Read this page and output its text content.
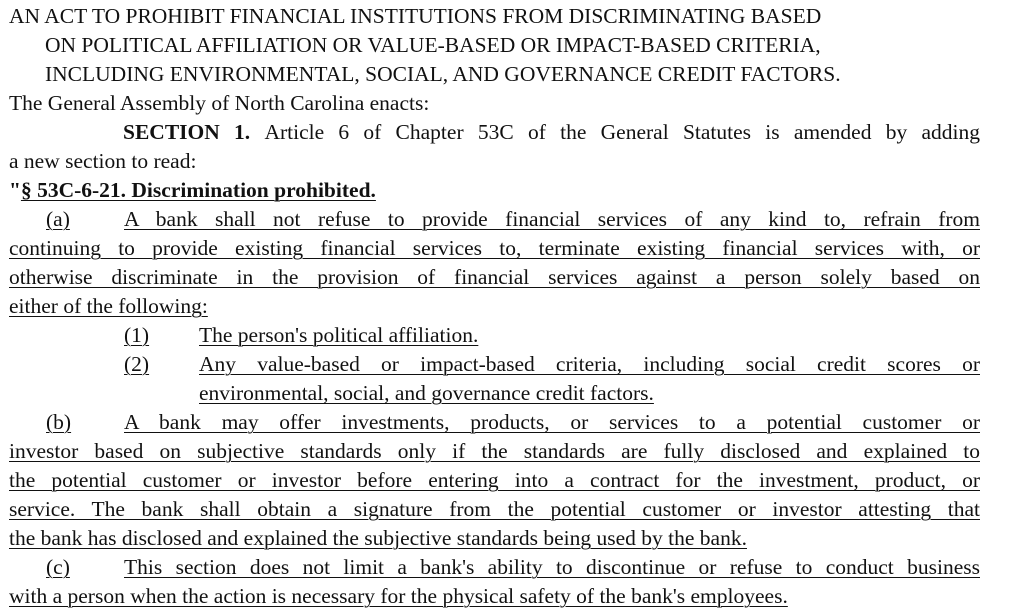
AN ACT TO PROHIBIT FINANCIAL INSTITUTIONS FROM DISCRIMINATING BASED
ON POLITICAL AFFILIATION OR VALUE-BASED OR IMPACT-BASED CRITERIA,
INCLUDING ENVIRONMENTAL, SOCIAL, AND GOVERNANCE CREDIT FACTORS.
The General Assembly of North Carolina enacts:
SECTION 1. Article 6 of Chapter 53C of the General Statutes is amended by adding
a new section to read:
"§ 53C-6-21. Discrimination prohibited.
(a)	A bank shall not refuse to provide financial services of any kind to, refrain from
continuing to provide existing financial services to, terminate existing financial services with, or
otherwise discriminate in the provision of financial services against a person solely based on
either of the following:
(1) The person's political affiliation.
(2) Any value-based or impact-based criteria, including social credit scores or
environmental, social, and governance credit factors.
(b) A bank may offer investments, products, or services to a potential customer or
investor based on subjective standards only if the standards are fully disclosed and explained to
the potential customer or investor before entering into a contract for the investment, product, or
service. The bank shall obtain a signature from the potential customer or investor attesting that
the bank has disclosed and explained the subjective standards being used by the bank.
(c)	This section does not limit a bank's ability to discontinue or refuse to conduct business
with a person when the action is necessary for the physical safety of the bank's employees.
